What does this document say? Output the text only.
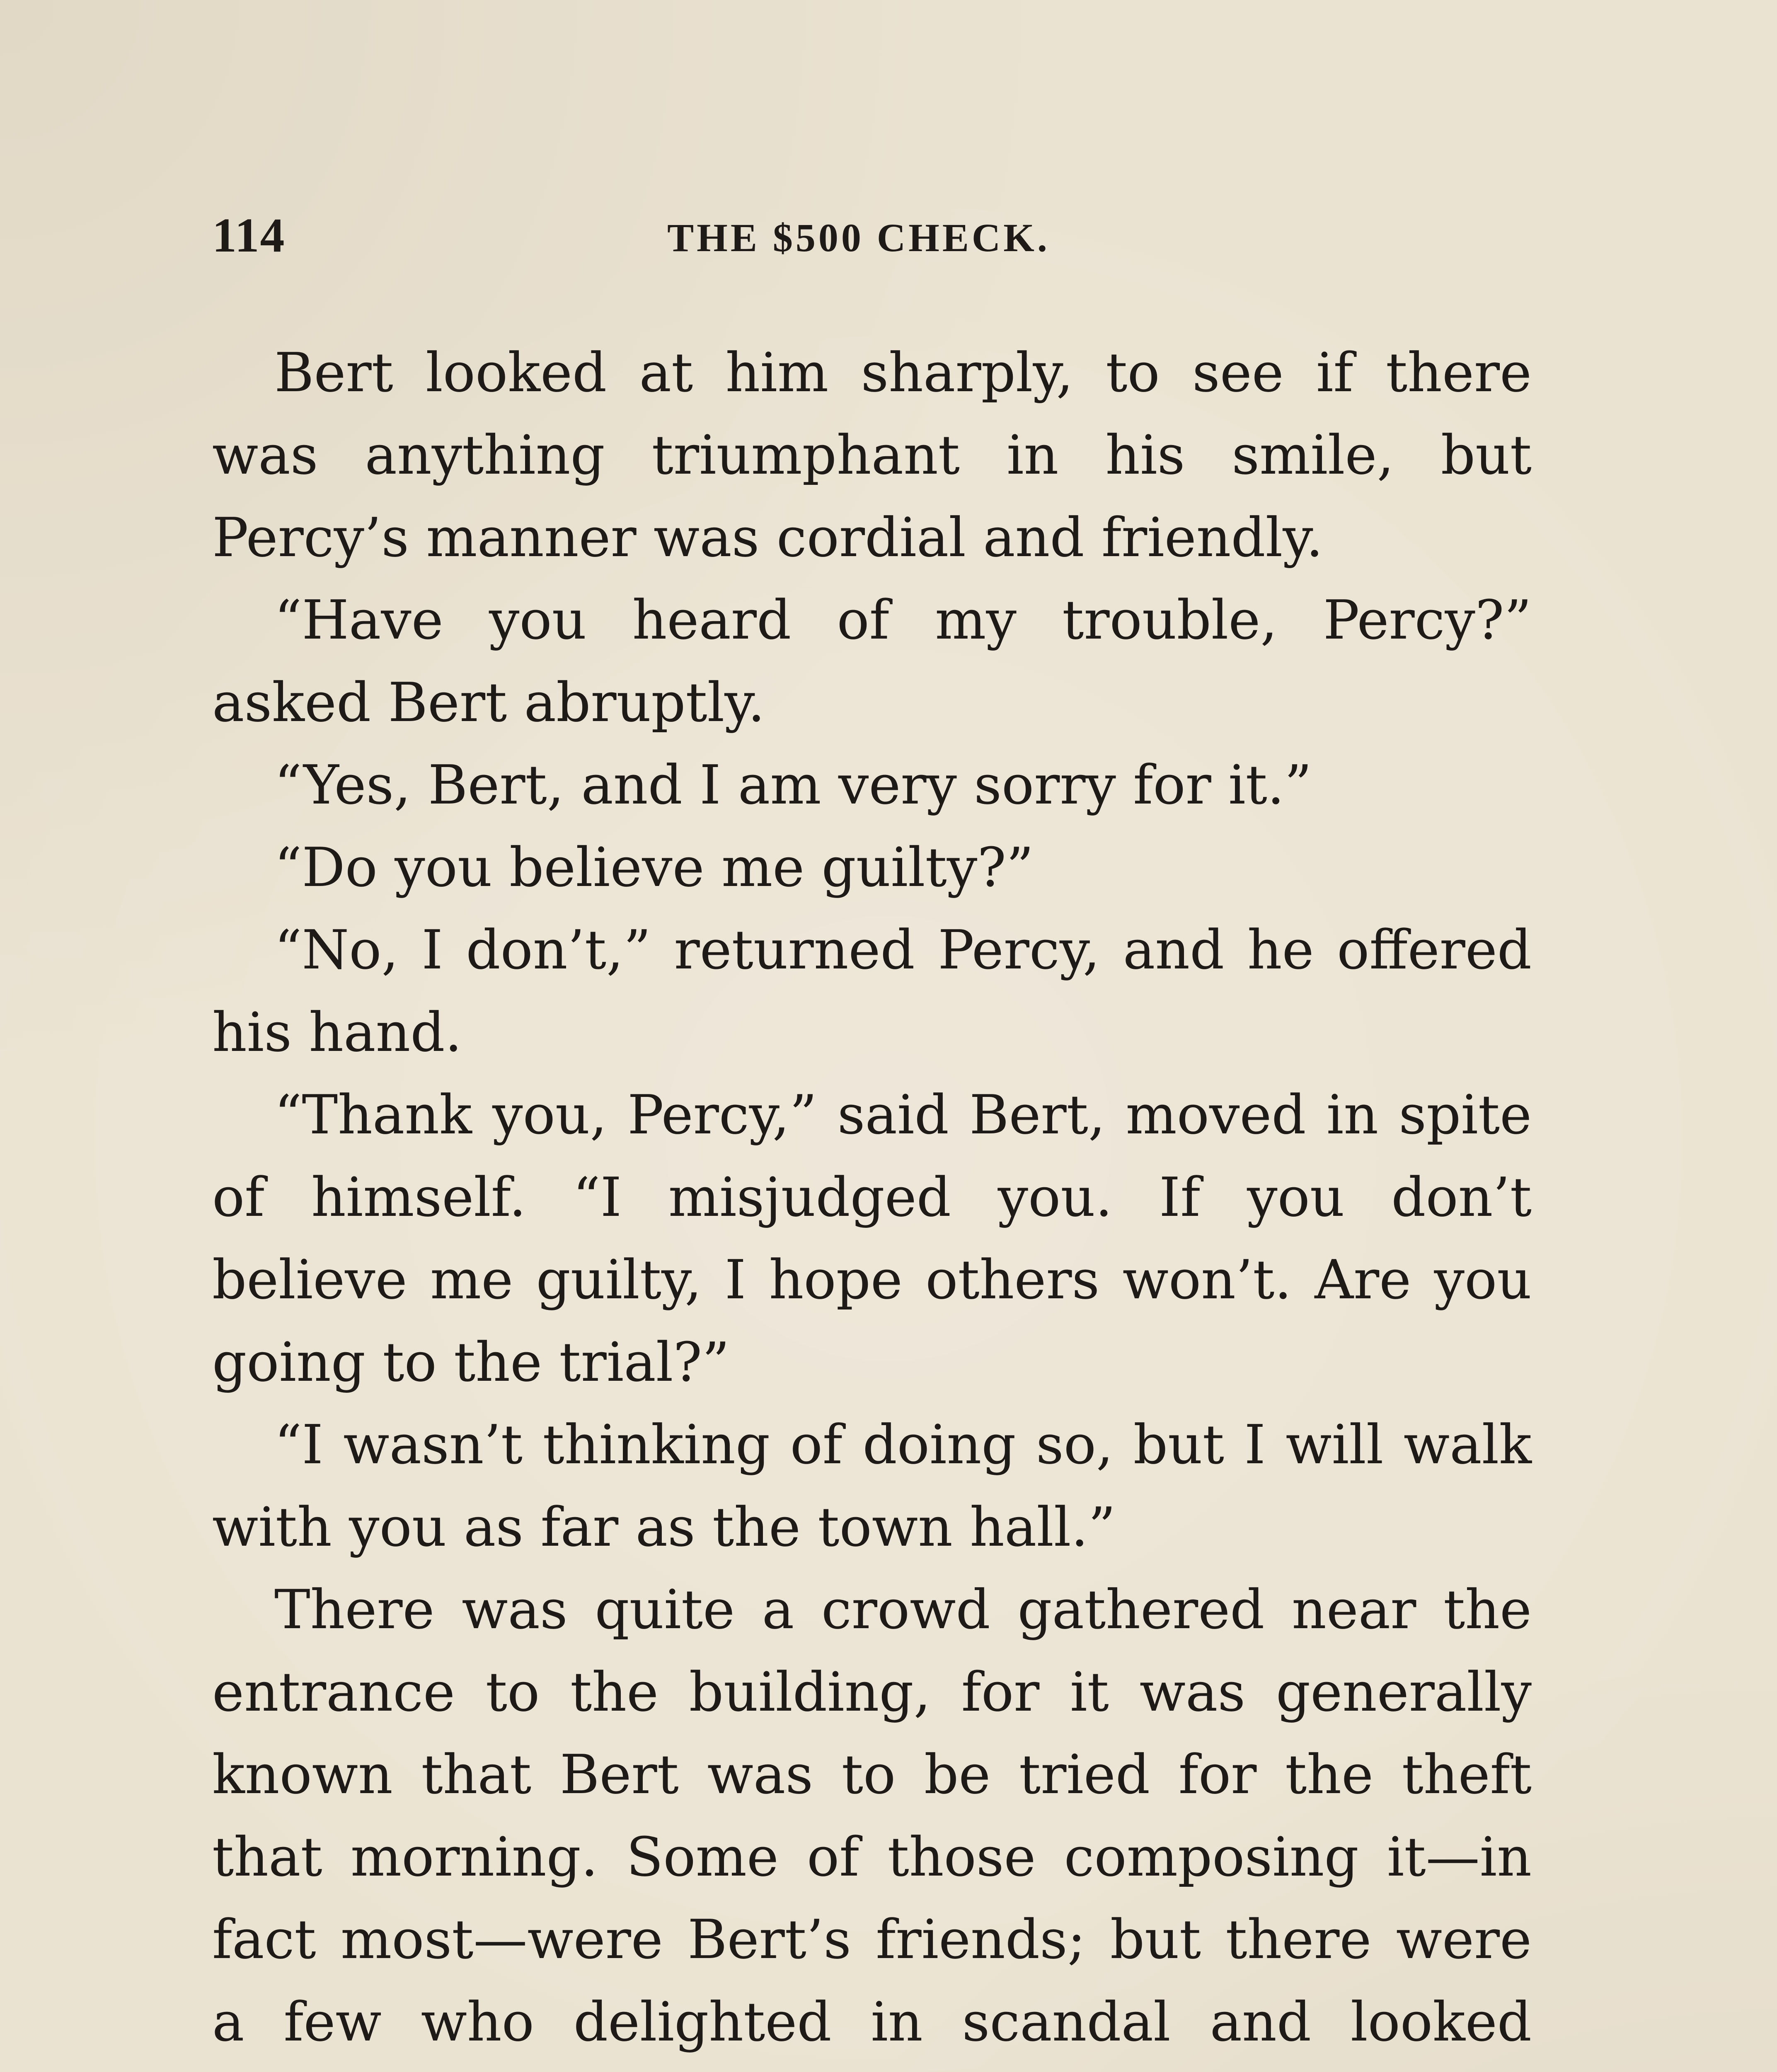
114	THE $500 CHECK.

Bert looked at him sharply, to see if there was anything triumphant in his smile, but Percy’s manner was cordial and friendly.

“Have you heard of my trouble, Percy?” asked Bert abruptly.

“Yes, Bert, and I am very sorry for it.”

“Do you believe me guilty?”

“No, I don’t,” returned Percy, and he offered his hand.

“Thank you, Percy,” said Bert, moved in spite of himself. “I misjudged you. If you don’t believe me guilty, I hope others won’t. Are you going to the trial?”

“I wasn’t thinking of doing so, but I will walk with you as far as the town hall.”

There was quite a crowd gathered near the entrance to the building, for it was generally known that Bert was to be tried for the theft that morning. Some of those composing it—in fact most—were Bert’s friends; but there were a few who delighted in scandal and looked
